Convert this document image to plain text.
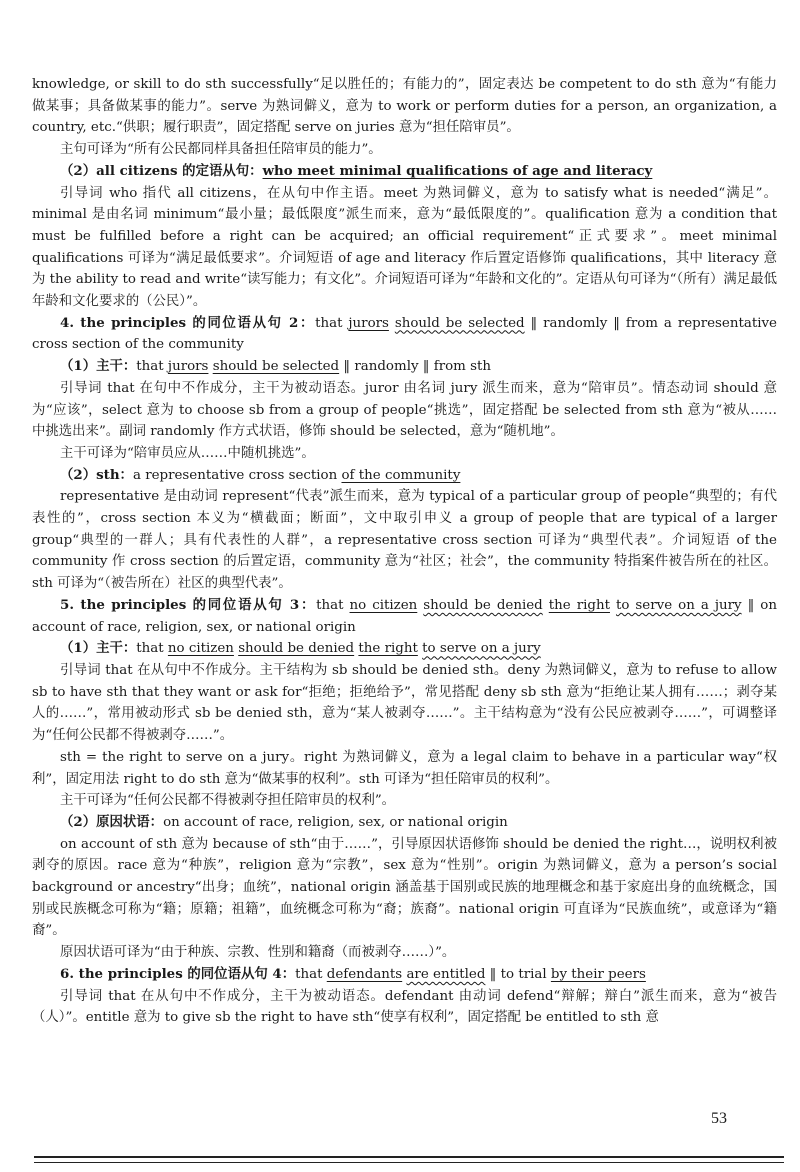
knowledge, or skill to do sth successfully“足以胜任的；有能力的”，固定表达 be competent to do sth 意为“有能力做某事；具备做某事的能力”。serve 为熟词僻义，意为 to work or perform duties for a person, an organization, a country, etc.“供职；履行职责”，固定搭配 serve on juries 意为“担任陪审员”。

主句可译为“所有公民都同样具备担任陪审员的能力”。

（2）all citizens 的定语从句：who meet minimal qualifications of age and literacy

引导词 who 指代 all citizens，在从句中作主语。meet 为熟词僻义，意为 to satisfy what is needed“满足”。minimal 是由名词 minimum“最小量；最低限度”派生而来，意为“最低限度的”。qualification 意为 a condition that must be fulfilled before a right can be acquired; an official requirement“正式要求”。meet minimal qualifications 可译为“满足最低要求”。介词短语 of age and literacy 作后置定语修饰 qualifications，其中 literacy 意为 the ability to read and write“读写能力；有文化”。介词短语可译为“年龄和文化的”。定语从句可译为“（所有）满足最低年龄和文化要求的（公民）”。

4. the principles 的同位语从句 2：that jurors should be selected ‖ randomly ‖ from a representative cross section of the community

（1）主干：that jurors should be selected ‖ randomly ‖ from sth

引导词 that 在句中不作成分，主干为被动语态。juror 由名词 jury 派生而来，意为“陪审员”。情态动词 should 意为“应该”，select 意为 to choose sb from a group of people“挑选”，固定搭配 be selected from sth 意为“被从…… 中挑选出来”。副词 randomly 作方式状语，修饰 should be selected，意为“随机地”。

主干可译为“陪审员应从……中随机挑选”。

（2）sth：a representative cross section of the community

representative 是由动词 represent“代表”派生而来，意为 typical of a particular group of people“典型的；有代表性的”，cross section 本义为“横截面；断面”，文中取引申义 a group of people that are typical of a larger group“典型的一群人；具有代表性的人群”，a representative cross section 可译为“典型代表”。介词短语 of the community 作 cross section 的后置定语，community 意为“社区；社会”，the community 特指案件被告所在的社区。sth 可译为“（被告所在）社区的典型代表”。

5. the principles 的同位语从句 3：that no citizen should be denied the right to serve on a jury ‖ on account of race, religion, sex, or national origin

（1）主干：that no citizen should be denied the right to serve on a jury

引导词 that 在从句中不作成分。主干结构为 sb should be denied sth。deny 为熟词僻义，意为 to refuse to allow sb to have sth that they want or ask for“拒绝；拒绝给予”，常见搭配 deny sb sth 意为“拒绝让某人拥有……；剥夺某人的……”，常用被动形式 sb be denied sth，意为“某人被剥夺……”。主干结构意为“没有公民应被剥夺……”，可调整译为“任何公民都不得被剥夺……”。

sth = the right to serve on a jury。right 为熟词僻义，意为 a legal claim to behave in a particular way“权利”，固定用法 right to do sth 意为“做某事的权利”。sth 可译为“担任陪审员的权利”。

主干可译为“任何公民都不得被剥夺担任陪审员的权利”。

（2）原因状语：on account of race, religion, sex, or national origin

on account of sth 意为 because of sth“由于……”，引导原因状语修饰 should be denied the right…，说明权利被剥夺的原因。race 意为“种族”，religion 意为“宗教”，sex 意为“性别”。origin 为熟词僻义，意为 a person’s social background or ancestry“出身；血统”，national origin 涵盖基于国别或民族的地理概念和基于家庭出身的血统概念，国别或民族概念可称为“籍；原籍；祖籍”，血统概念可称为“裔；族裔”。national origin 可直译为“民族血统”，或意译为“籍裔”。

原因状语可译为“由于种族、宗教、性别和籍裔（而被剥夺……）”。

6. the principles 的同位语从句 4：that defendants are entitled ‖ to trial by their peers

引导词 that 在从句中不作成分，主干为被动语态。defendant 由动词 defend“辩解；辩白”派生而来，意为“被告（人）”。entitle 意为 to give sb the right to have sth“使享有权利”，固定搭配 be entitled to sth 意

53
